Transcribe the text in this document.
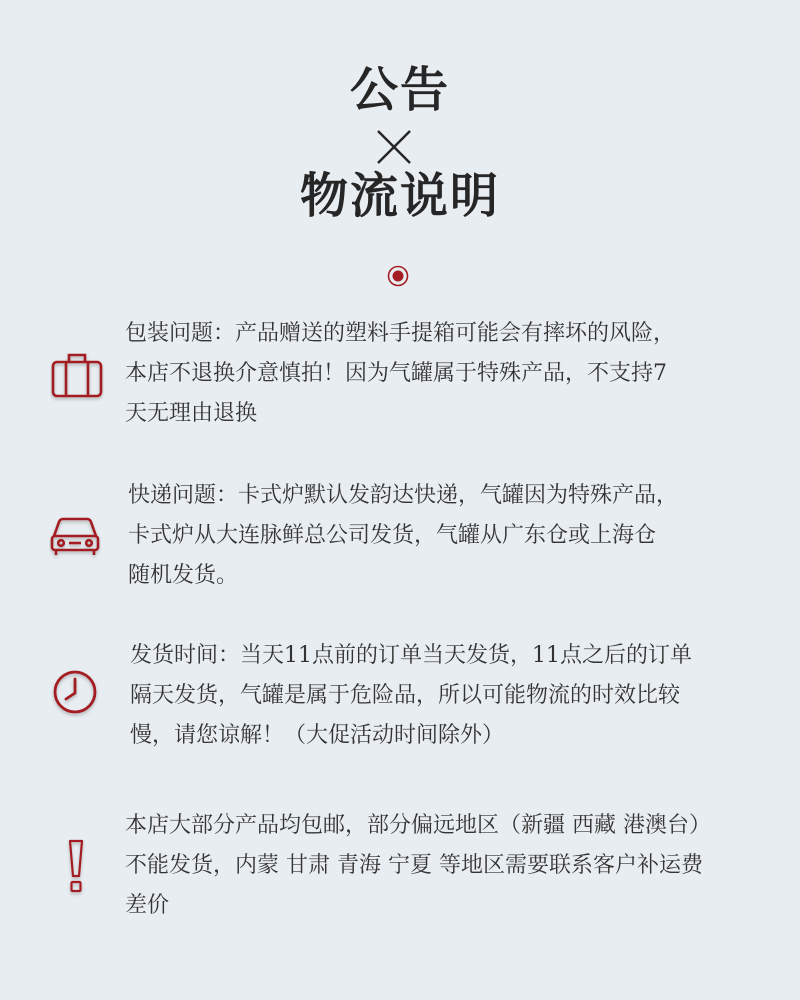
公告
物流说明
包装问题：产品赠送的塑料手提箱可能会有摔坏的风险，
本店不退换介意慎拍！因为气罐属于特殊产品，不支持7
天无理由退换
快递问题：卡式炉默认发韵达快递，气罐因为特殊产品，
卡式炉从大连脉鲜总公司发货，气罐从广东仓或上海仓
随机发货。
发货时间：当天11点前的订单当天发货，11点之后的订单
隔天发货，气罐是属于危险品，所以可能物流的时效比较
慢，请您谅解！（大促活动时间除外）
本店大部分产品均包邮，部分偏远地区（新疆 西藏 港澳台）
不能发货，内蒙 甘肃 青海 宁夏 等地区需要联系客户补运费
差价
